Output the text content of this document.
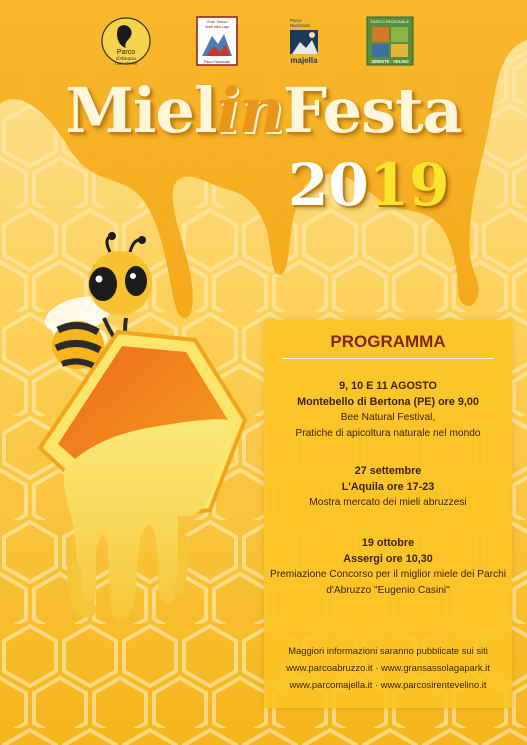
Parco
d'Abruzzo
Lazio e Molise
Gran Sasso
Monti della Laga
Parco Nazionale
Parco
Nazionale
majella
PARCO REGIONALE
SIRENTE · VELINO
MielinFesta
2019
PROGRAMMA
9, 10 E 11 AGOSTO
Montebello di Bertona (PE) ore 9,00
Bee Natural Festival,
Pratiche di apicoltura naturale nel mondo
27 settembre
L'Aquila ore 17-23
Mostra mercato dei mieli abruzzesi
19 ottobre
Assergi ore 10,30
Premiazione Concorso per il miglior miele dei Parchi
d'Abruzzo "Eugenio Casini"
Maggiori informazioni saranno pubblicate sui siti
www.parcoabruzzo.it · www.gransassolagapark.it
www.parcomajella.it · www.parcosirentevelino.it
